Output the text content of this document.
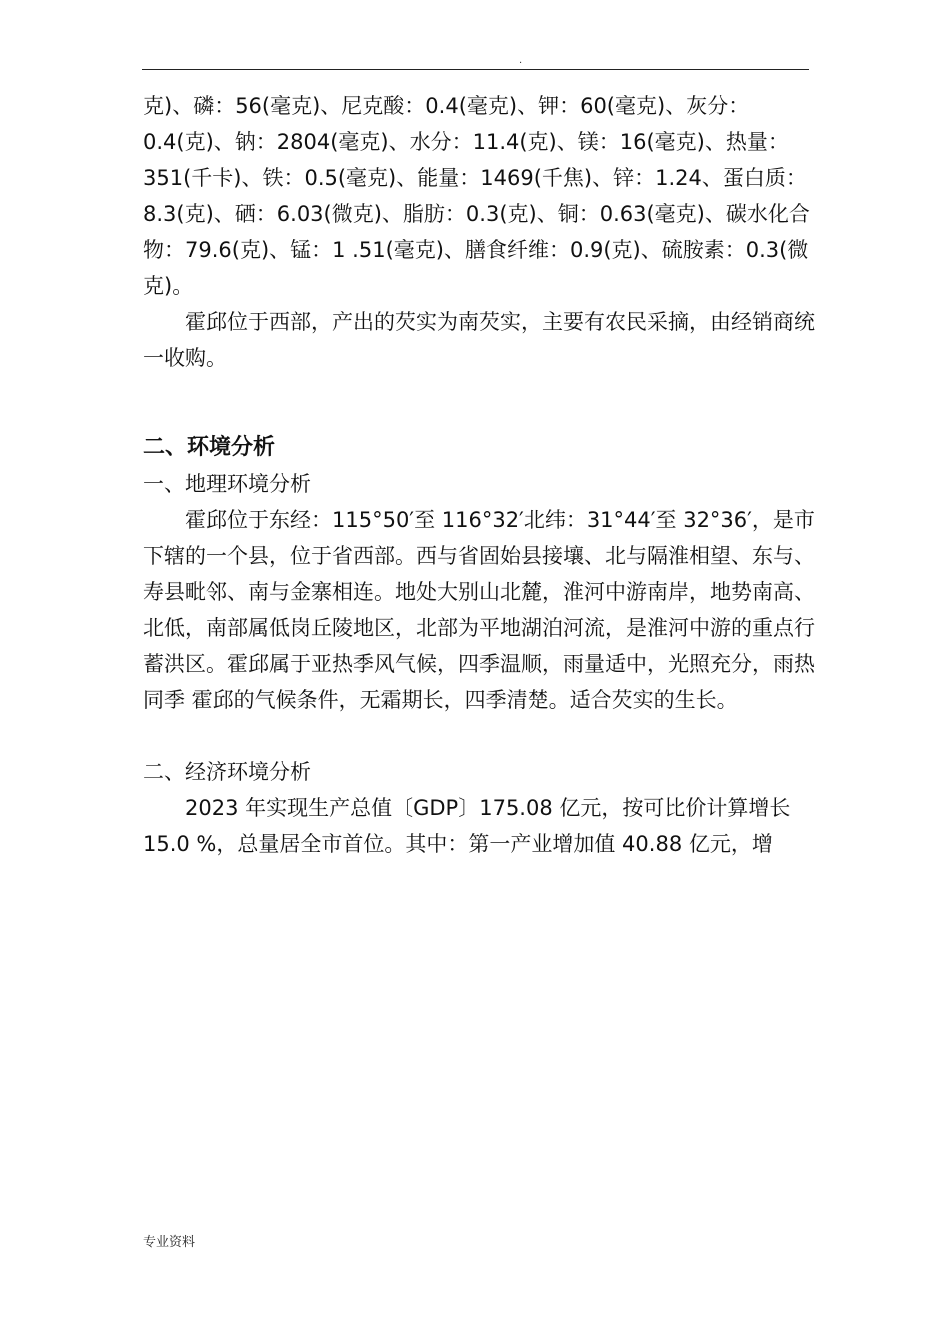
.

克)、磷：56(毫克)、尼克酸：0.4(毫克)、钾：60(毫克)、灰分：0.4(克)、钠：2804(毫克)、水分：11.4(克)、镁：16(毫克)、热量：351(千卡)、铁：0.5(毫克)、能量：1469(千焦)、锌：1.24、蛋白质：8.3(克)、硒：6.03(微克)、脂肪：0.3(克)、铜：0.63(毫克)、碳水化合物：79.6(克)、锰：1 .51(毫克)、膳食纤维：0.9(克)、硫胺素：0.3(微克)。

霍邱位于西部，产出的芡实为南芡实，主要有农民采摘，由经销商统一收购。

二、环境分析

一、地理环境分析

霍邱位于东经：115°50′至 116°32′北纬：31°44′至 32°36′，是市下辖的一个县，位于省西部。西与省固始县接壤、北与隔淮相望、东与、寿县毗邻、南与金寨相连。地处大别山北麓，淮河中游南岸，地势南高、北低，南部属低岗丘陵地区，北部为平地湖泊河流，是淮河中游的重点行蓄洪区。霍邱属于亚热季风气候，四季温顺，雨量适中，光照充分，雨热同季 霍邱的气候条件，无霜期长，四季清楚。适合芡实的生长。

二、经济环境分析

2023 年实现生产总值〔GDP〕175.08 亿元，按可比价计算增长 15.0 %，总量居全市首位。其中：第一产业增加值 40.88 亿元，增

专业资料
